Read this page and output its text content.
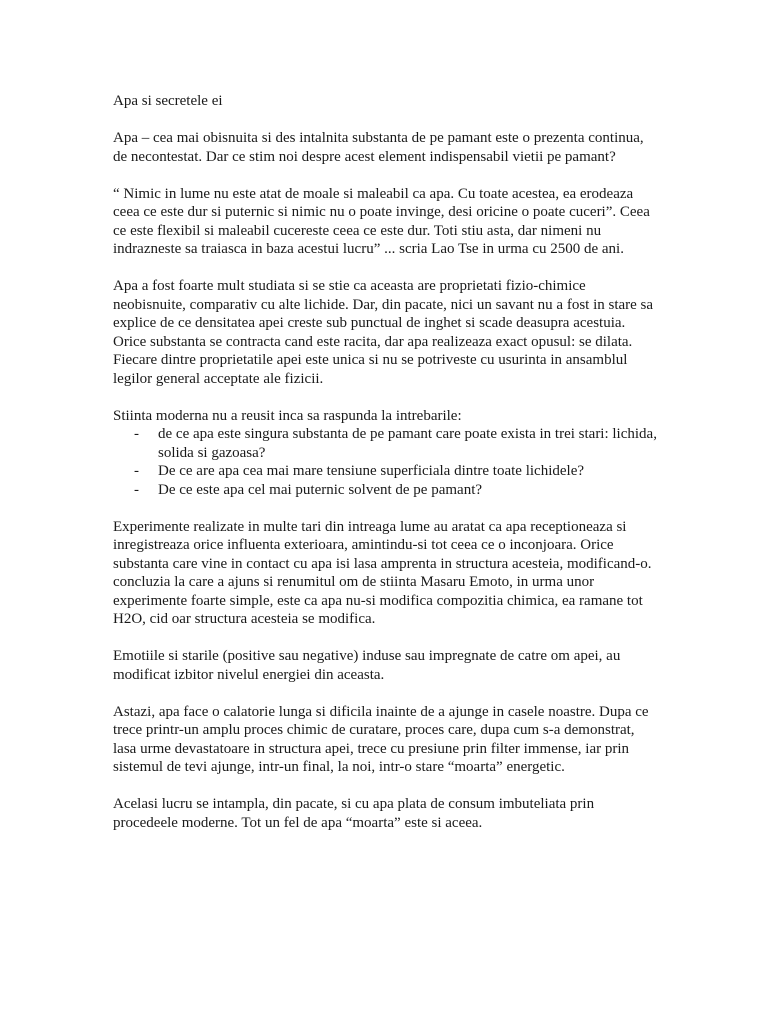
Apa si secretele ei

Apa – cea mai obisnuita si des intalnita substanta de pe pamant este o prezenta continua, de necontestat. Dar ce stim noi despre acest element indispensabil vietii pe pamant?

“ Nimic in lume nu este atat de moale si maleabil ca apa. Cu toate acestea, ea erodeaza ceea ce este dur si puternic si nimic nu o poate invinge, desi oricine o poate cuceri”. Ceea ce este flexibil si maleabil cucereste ceea ce este dur. Toti stiu asta, dar nimeni nu indrazneste sa traiasca in baza acestui lucru” ... scria Lao Tse in urma cu 2500 de ani.

Apa a fost foarte mult studiata si se stie ca aceasta are proprietati fizio-chimice neobisnuite, comparativ cu alte lichide. Dar, din pacate, nici un savant nu a fost in stare sa explice de ce densitatea apei creste sub punctual de inghet si scade deasupra acestuia. Orice substanta se contracta cand este racita, dar apa realizeaza exact opusul: se dilata. Fiecare dintre proprietatile apei este unica si nu se potriveste cu usurinta in ansamblul legilor general acceptate ale fizicii.

Stiinta moderna nu a reusit inca sa raspunda la intrebarile:

- de ce apa este singura substanta de pe pamant care poate exista in trei stari: lichida, solida si gazoasa?
- De ce are apa cea mai mare tensiune superficiala dintre toate lichidele?
- De ce este apa cel mai puternic solvent de pe pamant?

Experimente realizate in multe tari din intreaga lume au aratat ca apa receptioneaza si inregistreaza orice influenta exterioara, amintindu-si tot ceea ce o inconjoara. Orice substanta care vine in contact cu apa isi lasa amprenta in structura acesteia, modificand-o. concluzia la care a ajuns si renumitul om de stiinta Masaru Emoto, in urma unor experimente foarte simple, este ca apa nu-si modifica compozitia chimica, ea ramane tot H2O, cid oar structura acesteia se modifica.

Emotiile si starile (positive sau negative) induse sau impregnate de catre om apei, au modificat izbitor nivelul energiei din aceasta.

Astazi, apa face o calatorie lunga si dificila inainte de a ajunge in casele noastre. Dupa ce trece printr-un amplu proces chimic de curatare, proces care, dupa cum s-a demonstrat, lasa urme devastatoare in structura apei, trece cu presiune prin filter immense, iar prin sistemul de tevi ajunge, intr-un final, la noi, intr-o stare “moarta” energetic.

Acelasi lucru se intampla, din pacate, si cu apa plata de consum imbuteliata prin procedeele moderne. Tot un fel de apa “moarta” este si aceea.
